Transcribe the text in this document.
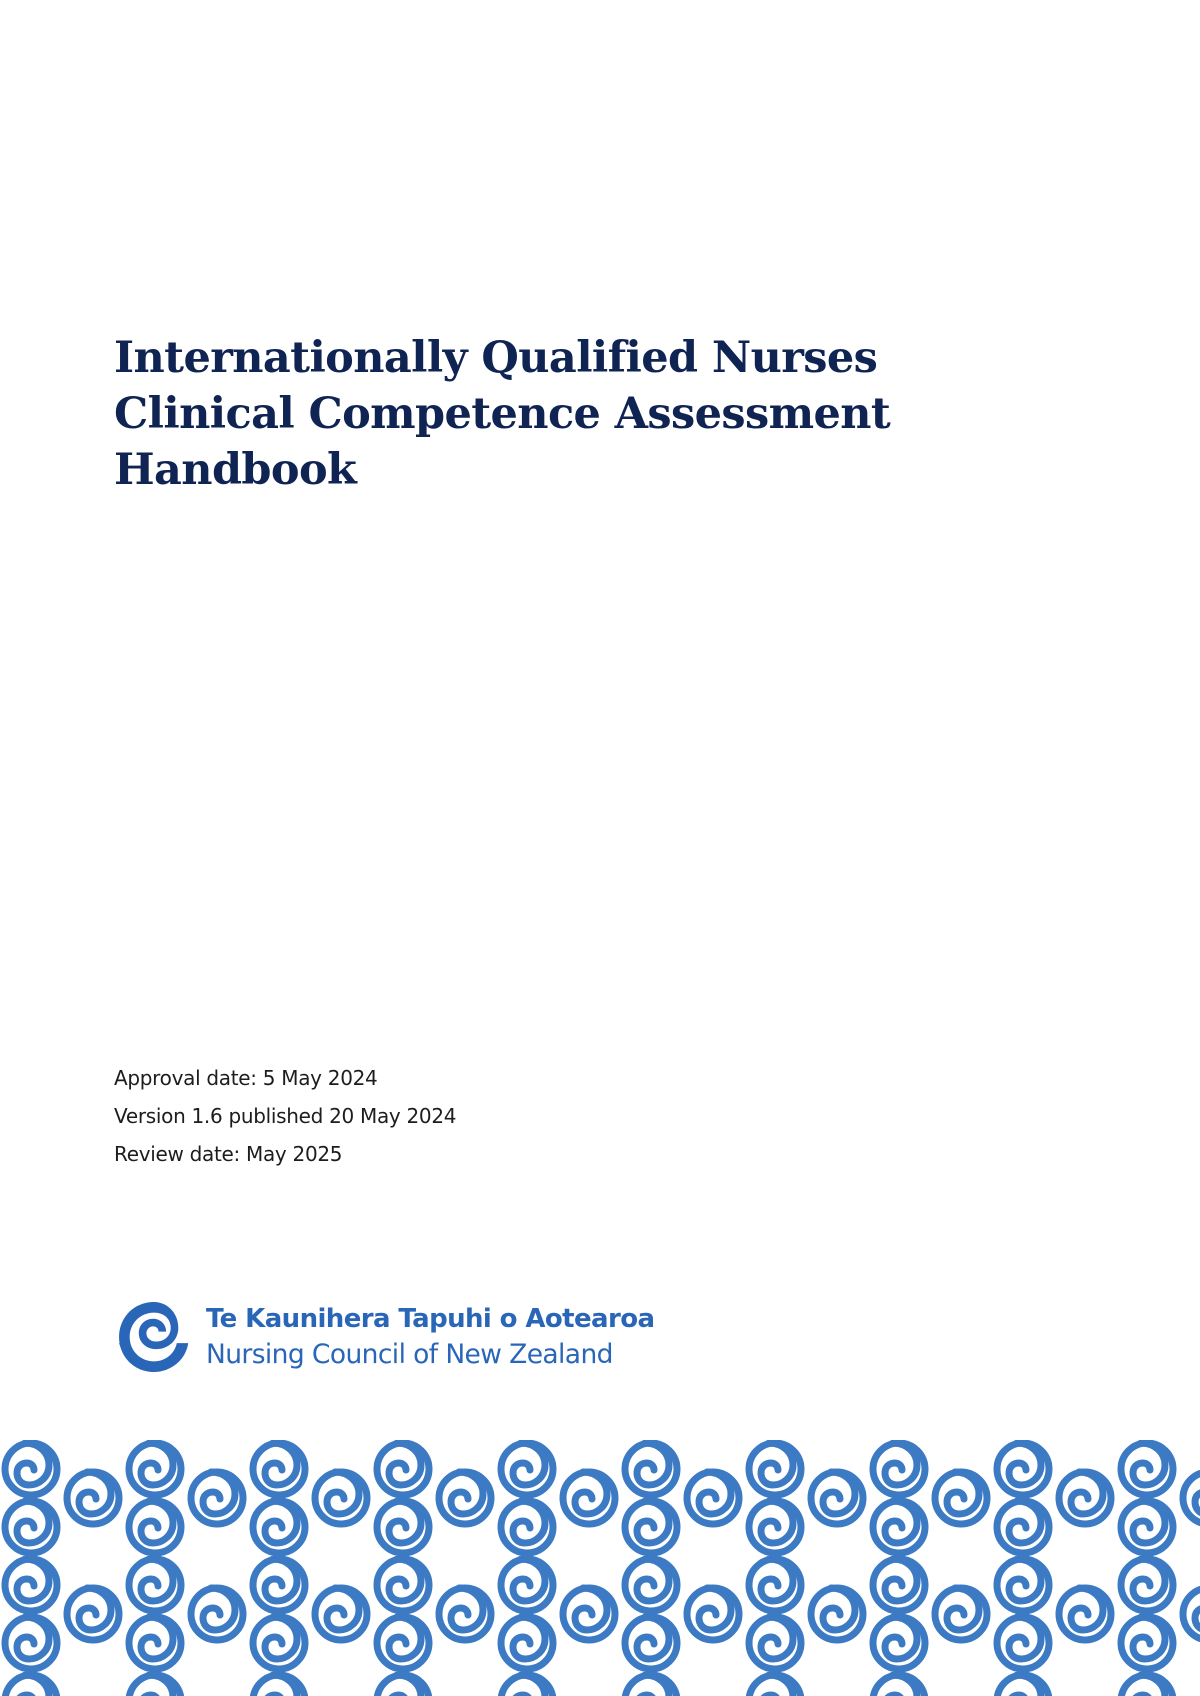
Internationally Qualified Nurses
Clinical Competence Assessment
Handbook
Approval date: 5 May 2024
Version 1.6 published 20 May 2024
Review date: May 2025
Te Kaunihera Tapuhi o Aotearoa
Nursing Council of New Zealand
